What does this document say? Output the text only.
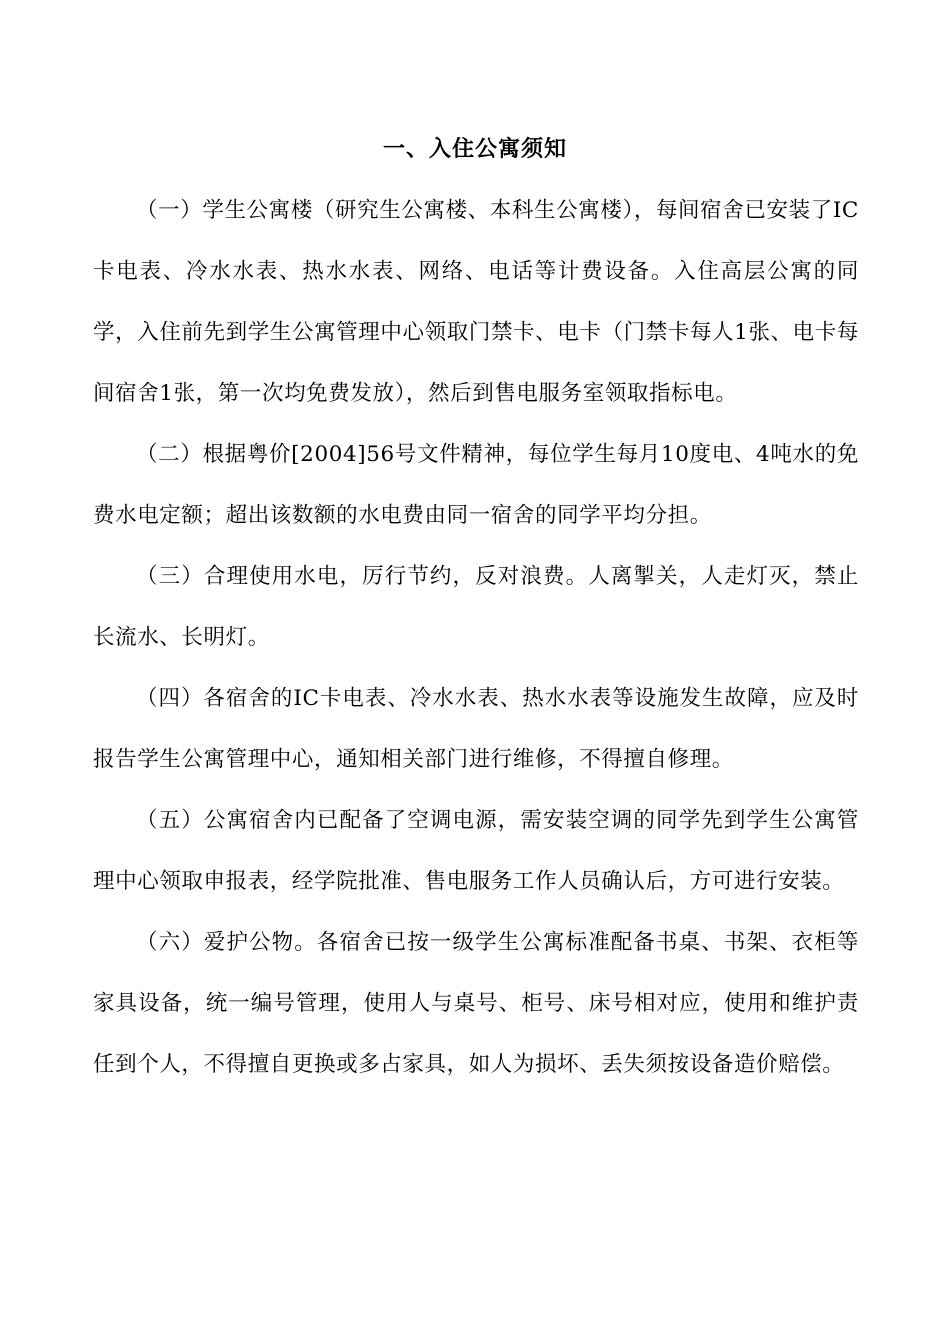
一、入住公寓须知

（一）学生公寓楼（研究生公寓楼、本科生公寓楼），每间宿舍已安装了IC卡电表、冷水水表、热水水表、网络、电话等计费设备。入住高层公寓的同学，入住前先到学生公寓管理中心领取门禁卡、电卡（门禁卡每人1张、电卡每间宿舍1张，第一次均免费发放），然后到售电服务室领取指标电。

（二）根据粤价[2004]56号文件精神，每位学生每月10度电、4吨水的免费水电定额；超出该数额的水电费由同一宿舍的同学平均分担。

（三）合理使用水电，厉行节约，反对浪费。人离掣关，人走灯灭，禁止长流水、长明灯。

（四）各宿舍的IC卡电表、冷水水表、热水水表等设施发生故障，应及时报告学生公寓管理中心，通知相关部门进行维修，不得擅自修理。

（五）公寓宿舍内已配备了空调电源，需安装空调的同学先到学生公寓管理中心领取申报表，经学院批准、售电服务工作人员确认后，方可进行安装。

（六）爱护公物。各宿舍已按一级学生公寓标准配备书桌、书架、衣柜等家具设备，统一编号管理，使用人与桌号、柜号、床号相对应，使用和维护责任到个人，不得擅自更换或多占家具，如人为损坏、丢失须按设备造价赔偿。
